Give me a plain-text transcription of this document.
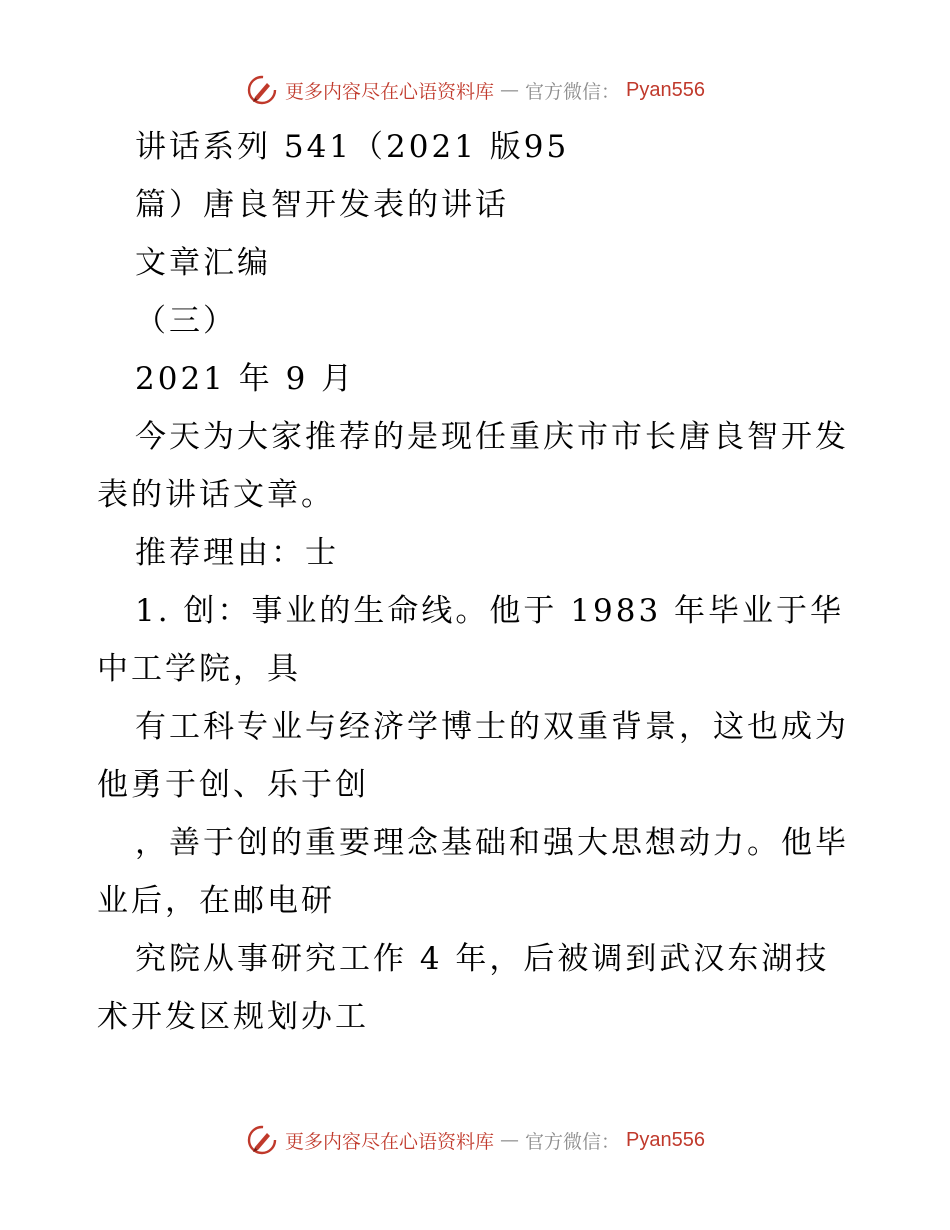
更多内容尽在心语资料库 — 官方微信： Pyan556
讲话系列 541（2021 版95
篇）唐良智开发表的讲话
文章汇编
（三）
2021 年 9 月
今天为大家推荐的是现任重庆市市长唐良智开发
表的讲话文章。
推荐理由：士
1. 创：事业的生命线。他于 1983 年毕业于华
中工学院，具
有工科专业与经济学博士的双重背景，这也成为
他勇于创、乐于创
，善于创的重要理念基础和强大思想动力。他毕
业后，在邮电研
究院从事研究工作 4 年，后被调到武汉东湖技
术开发区规划办工
更多内容尽在心语资料库 — 官方微信： Pyan556
